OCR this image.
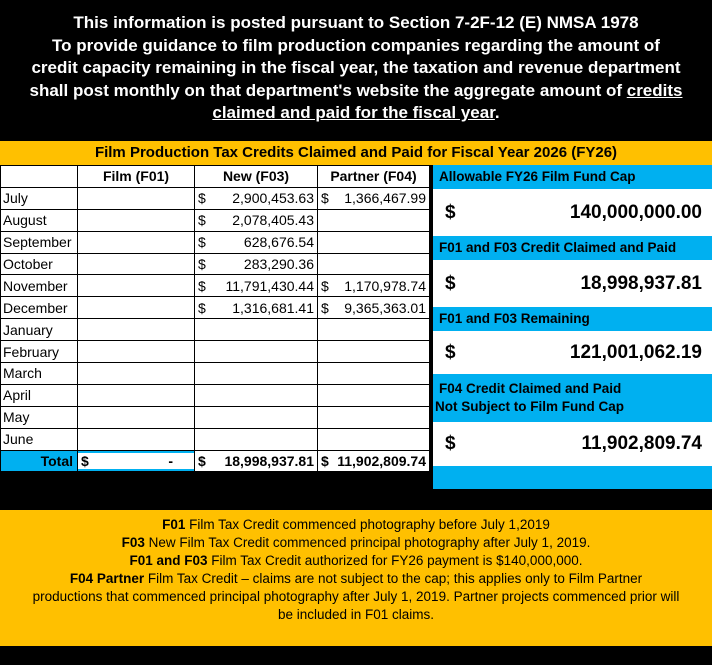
This information is posted pursuant to Section 7-2F-12 (E) NMSA 1978
To provide guidance to film production companies regarding the amount of
credit capacity remaining in the fiscal year, the taxation and revenue department
shall post monthly on that department's website the aggregate amount of credits
claimed and paid for the fiscal year.
Film Production Tax Credits Claimed and Paid for Fiscal Year 2026 (FY26)
	Film (F01)	New (F03)	Partner (F04)
July		$ 2,900,453.63	$ 1,366,467.99

August		$ 2,078,405.43	

September		$ 628,676.54	

October		$ 283,290.36	

November		$ 11,791,430.44	$ 1,170,978.74

December		$ 1,316,681.41	$ 9,365,363.01

January		

February		

March		

April		

May		

June		

Total	$ -	$ 18,998,937.81	$ 11,902,809.74
Allowable FY26 Film Fund Cap
$	140,000,000.00
F01 and F03 Credit Claimed and Paid
$	18,998,937.81
F01 and F03 Remaining
$	121,001,062.19
F04 Credit Claimed and Paid
Not Subject to Film Fund Cap
$	11,902,809.74
F01 Film Tax Credit commenced photography before July 1,2019
F03 New Film Tax Credit commenced principal photography after July 1, 2019.
F01 and F03 Film Tax Credit authorized for FY26 payment is $140,000,000.
F04 Partner Film Tax Credit – claims are not subject to the cap; this applies only to Film Partner
productions that commenced principal photography after July 1, 2019. Partner projects commenced prior will
be included in F01 claims.
